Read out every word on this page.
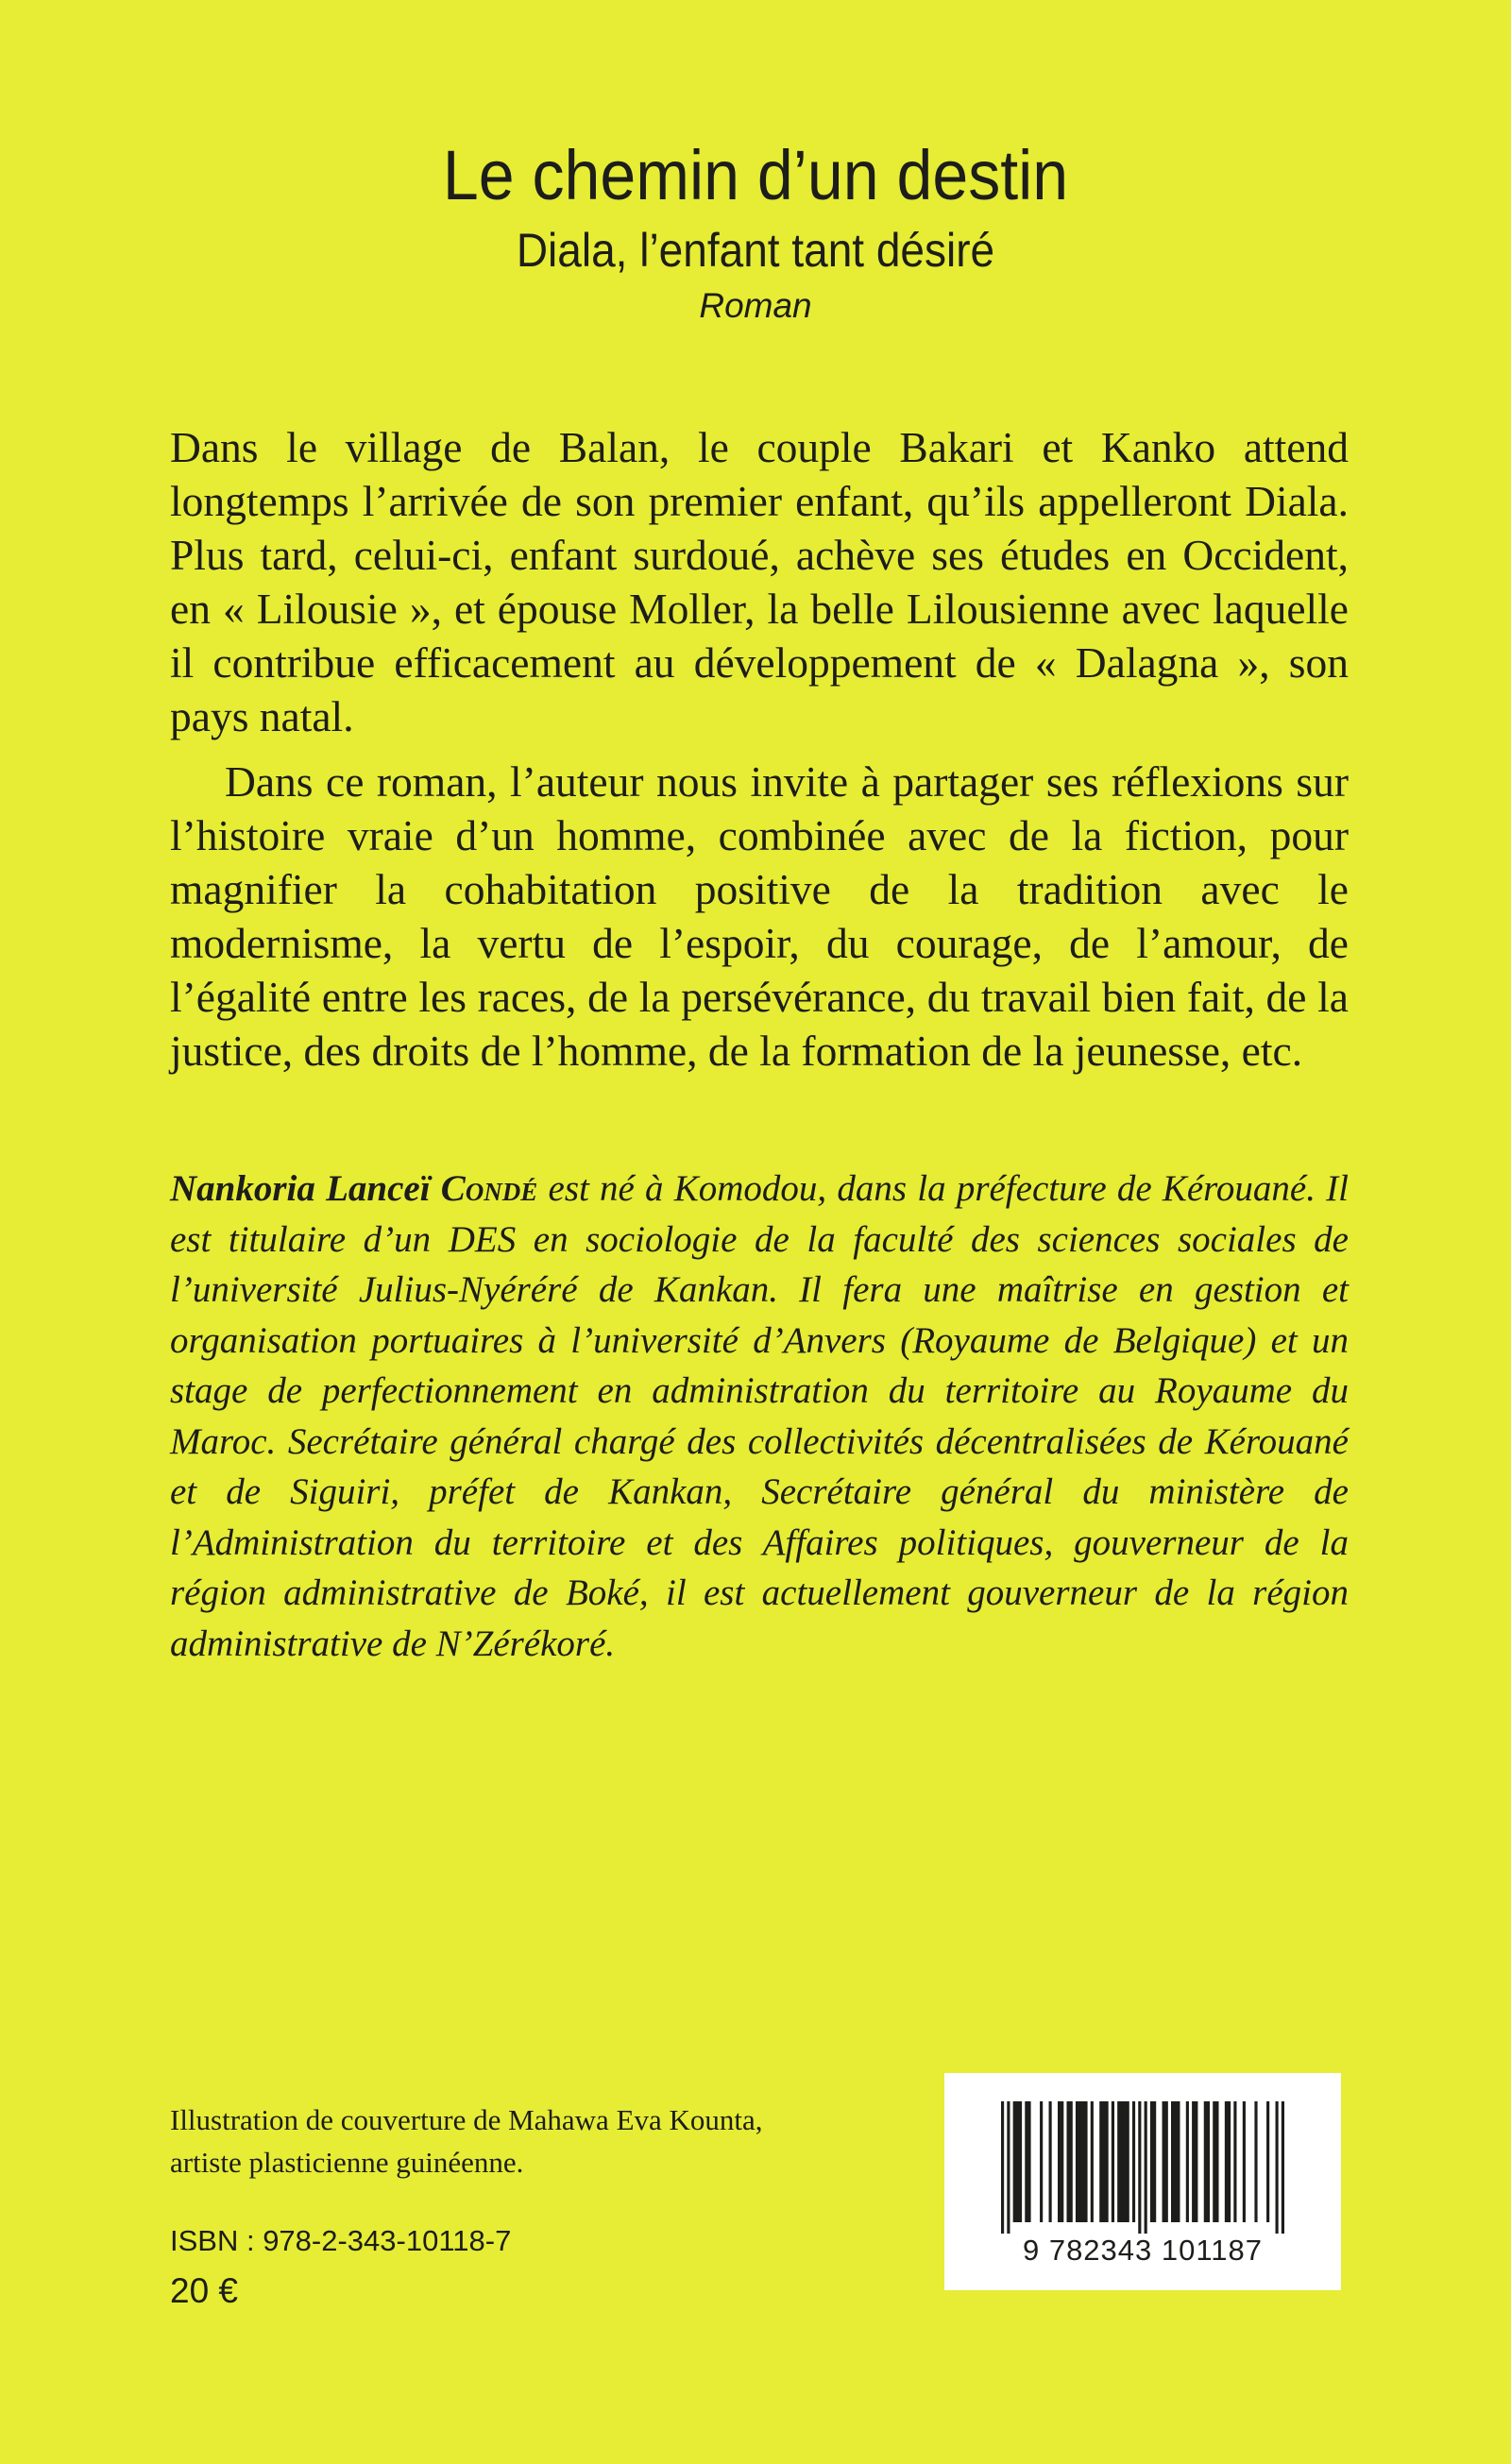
Le chemin d’un destin

Diala, l’enfant tant désiré

Roman

Dans le village de Balan, le couple Bakari et Kanko attend longtemps l’arrivée de son premier enfant, qu’ils appelleront Diala. Plus tard, celui-ci, enfant surdoué, achève ses études en Occident, en « Lilousie », et épouse Moller, la belle Lilousienne avec laquelle il contribue efficacement au développement de « Dalagna », son pays natal.

Dans ce roman, l’auteur nous invite à partager ses réflexions sur l’histoire vraie d’un homme, combinée avec de la fiction, pour magnifier la cohabitation positive de la tradition avec le modernisme, la vertu de l’espoir, du courage, de l’amour, de l’égalité entre les races, de la persévérance, du travail bien fait, de la justice, des droits de l’homme, de la formation de la jeunesse, etc.

Nankoria Lanceï Condé est né à Komodou, dans la préfecture de Kérouané. Il est titulaire d’un DES en sociologie de la faculté des sciences sociales de l’université Julius-Nyéréré de Kankan. Il fera une maîtrise en gestion et organisation portuaires à l’université d’Anvers (Royaume de Belgique) et un stage de perfectionnement en administration du territoire au Royaume du Maroc. Secrétaire général chargé des collectivités décentralisées de Kérouané et de Siguiri, préfet de Kankan, Secrétaire général du ministère de l’Administration du territoire et des Affaires politiques, gouverneur de la région administrative de Boké, il est actuellement gouverneur de la région administrative de N’Zérékoré.

Illustration de couverture de Mahawa Eva Kounta,

artiste plasticienne guinéenne.

ISBN : 978-2-343-10118-7
20 €
9 782343 101187
